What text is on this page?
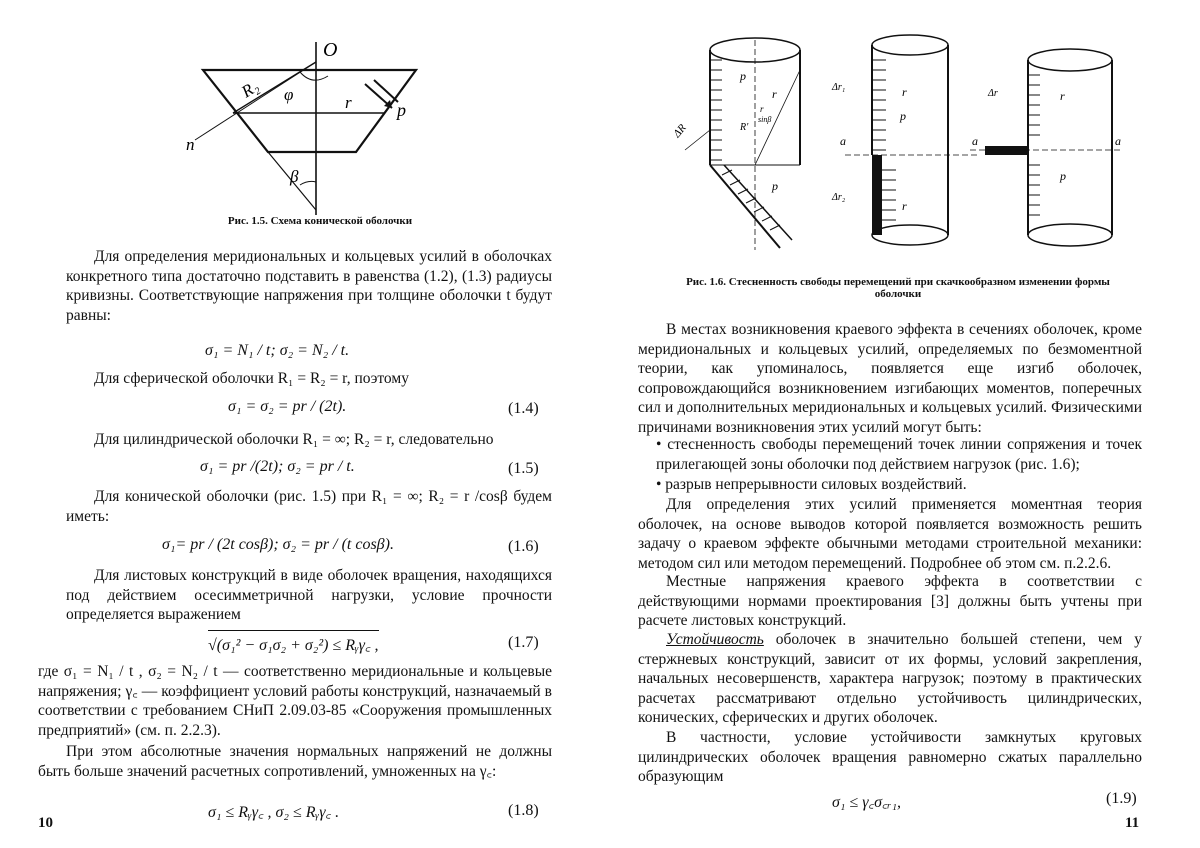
O
R₂ φ	r	p
n
β
Рис. 1.5. Схема конической оболочки
Для определения меридиональных и кольцевых усилий в оболочках конкретного типа достаточно подставить в равенства (1.2), (1.3) радиусы кривизны. Соответствующие напряжения при толщине оболочки t будут равны:
σ₁ = N₁ / t; σ₂ = N₂ / t.
Для сферической оболочки R₁ = R₂ = r, поэтому
σ₁ = σ₂ = pr / (2t).	(1.4)
Для цилиндрической оболочки R₁ = ∞; R₂ = r, следовательно
σ₁ = pr /(2t); σ₂ = pr / t.	(1.5)
Для конической оболочки (рис. 1.5) при R₁ = ∞; R₂ = r /cosβ будем иметь:
σ₁= pr / (2t cosβ); σ₂ = pr / (t cosβ).	(1.6)
Для листовых конструкций в виде оболочек вращения, находящихся под действием осесимметричной нагрузки, условие прочности определяется выражением
√(σ₁² − σ₁σ₂ + σ₂²) ≤ Rᵧγ꜀ ,	(1.7)
где σ₁ = N₁ / t , σ₂ = N₂ / t — соответственно меридиональные и кольцевые напряжения; γ꜀ — коэффициент условий работы конструкций, назначаемый в соответствии с требованием СНиП 2.09.03-85 «Сооружения промышленных предприятий» (см. п. 2.2.3).
При этом абсолютные значения нормальных напряжений не должны быть больше значений расчетных сопротивлений, умноженных на γ꜀:
σ₁ ≤ Rᵧγ꜀ , σ₂ ≤ Rᵧγ꜀ .	(1.8)
10
ΔR
p
r
r
sinβ
R'
p
Δr₁	r
p
a
Δr₂
r
Δr	r
p
a	a
Рис. 1.6. Стесненность свободы перемещений при скачкообразном изменении формы
оболочки
В местах возникновения краевого эффекта в сечениях оболочек, кроме меридиональных и кольцевых усилий, определяемых по безмоментной теории, как упоминалось, появляется еще изгиб оболочек, сопровождающийся возникновением изгибающих моментов, поперечных сил и дополнительных меридиональных и кольцевых усилий. Физическими причинами возникновения этих усилий могут быть:
• стесненность свободы перемещений точек линии сопряжения и точек прилегающей зоны оболочки под действием нагрузок (рис. 1.6);
• разрыв непрерывности силовых воздействий.
Для определения этих усилий применяется моментная теория оболочек, на основе выводов которой появляется возможность решить задачу о краевом эффекте обычными методами строительной механики: методом сил или методом перемещений. Подробнее об этом см. п.2.2.6.
Местные напряжения краевого эффекта в соответствии с действующими нормами проектирования [3] должны быть учтены при расчете листовых конструкций.
Устойчивость оболочек в значительно большей степени, чем у стержневых конструкций, зависит от их формы, условий закрепления, начальных несовершенств, характера нагрузок; поэтому в практических расчетах рассматривают отдельно устойчивость цилиндрических, конических, сферических и других оболочек.
В частности, условие устойчивости замкнутых круговых цилиндрических оболочек вращения равномерно сжатых параллельно образующим
σ₁ ≤ γ꜀σ꜀ᵣ₁,	(1.9)
11
